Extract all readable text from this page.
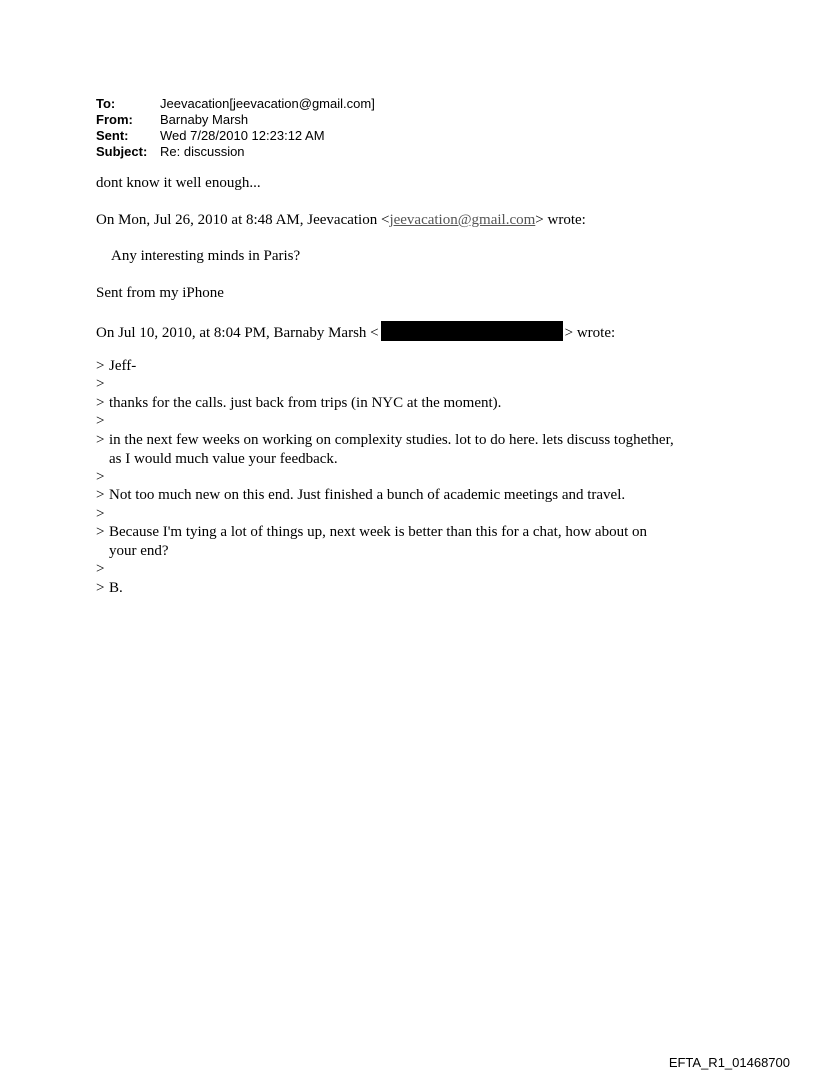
To:	Jeevacation[jeevacation@gmail.com]
From:	Barnaby Marsh
Sent:	Wed 7/28/2010 12:23:12 AM
Subject: Re: discussion
dont know it well enough...
On Mon, Jul 26, 2010 at 8:48 AM, Jeevacation <jeevacation@gmail.com> wrote:
Any interesting minds in Paris?
Sent from my iPhone
On Jul 10, 2010, at 8:04 PM, Barnaby Marsh <	> wrote:
> Jeff-
>
> thanks for the calls. just back from trips (in NYC at the moment).
>
> in the next few weeks on working on complexity studies. lot to do here. lets discuss toghether,
as I would much value your feedback.
>
> Not too much new on this end. Just finished a bunch of academic meetings and travel.
>
> Because I'm tying a lot of things up, next week is better than this for a chat, how about on
your end?
>
> B.
EFTA_R1_01468700
